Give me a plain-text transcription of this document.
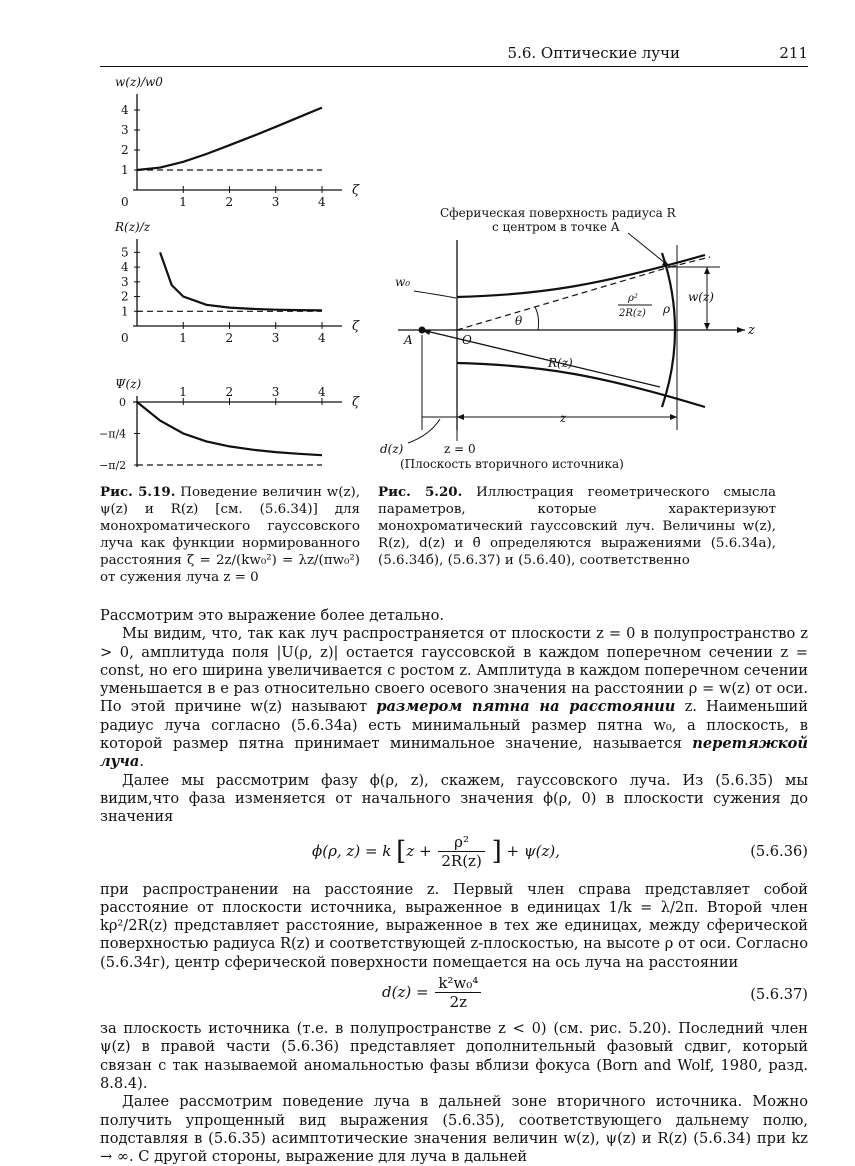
5.6. Оптические лучи	211
w(z)/w0
ζ
0	1	2	3	4
1
2
3
4
R(z)/z
ζ
0	1	2	3	4
1
2
3
4
5
Ψ(z)
ζ
1	2	3	4
0
−π/4
−π/2
Сферическая поверхность радиуса R
с центром в точке A
z
A	O
R(z)
θ
w₀
w(z)
ρ
ρ²
2R(z)
z
d(z)	z = 0
(Плоскость вторичного источника)
Рис. 5.19. Поведение величин w(z), ψ(z) и R(z) [см. (5.6.34)] для монохроматического гауссовского луча как функции нормированного расстояния ζ = 2z/(kw₀²) = λz/(πw₀²) от сужения луча z = 0
Рис. 5.20. Иллюстрация геометрического смысла параметров, которые характеризуют монохроматический гауссовский луч. Величины w(z), R(z), d(z) и θ̄ определяются выражениями (5.6.34а), (5.6.34б), (5.6.37) и (5.6.40), соответственно

Рассмотрим это выражение более детально.

Мы видим, что, так как луч распространяется от плоскости z = 0 в полупространство z > 0, амплитуда поля |U(ρ, z)| остается гауссовской в каждом поперечном сечении z = const, но его ширина увеличивается с ростом z. Амплитуда в каждом поперечном сечении уменьшается в e раз относительно своего осевого значения на расстоянии ρ = w(z) от оси. По этой причине w(z) называют размером пятна на расстоянии z. Наименьший радиус луча согласно (5.6.34а) есть минимальный размер пятна w₀, а плоскость, в которой размер пятна принимает минимальное значение, называется перетяжкой луча.

Далее мы рассмотрим фазу ϕ(ρ, z), скажем, гауссовского луча. Из (5.6.35) мы видим,что фаза изменяется от начального значения ϕ(ρ, 0) в плоскости сужения до значения

ϕ(ρ, z) = k [$z + \frac{\text{ρ²}}{2R(z)}$ ] + ψ(z),	(5.6.36)

при распространении на расстояние z. Первый член справа представляет собой расстояние от плоскости источника, выраженное в единицах 1/k = λ/2π. Второй член kρ²/2R(z) представляет расстояние, выраженное в тех же единицах, между сферической поверхностью радиуса R(z) и соответствующей z-плоскостью, на высоте ρ от оси. Согласно (5.6.34г), центр сферической поверхности помещается на ось луча на расстоянии

$d(z) = \frac{\text{k²w₀⁴}}{2z}$	(5.6.37)

за плоскость источника (т.е. в полупространстве z < 0) (см. рис. 5.20). Последний член ψ(z) в правой части (5.6.36) представляет дополнительный фазовый сдвиг, который связан с так называемой аномальностью фазы вблизи фокуса (Born and Wolf, 1980, разд. 8.8.4).

Далее рассмотрим поведение луча в дальней зоне вторичного источника. Можно получить упрощенный вид выражения (5.6.35), соответствующего дальнему полю, подставляя в (5.6.35) асимптотические значения величин w(z), ψ(z) и R(z) (5.6.34) при kz → ∞. С другой стороны, выражение для луча в дальней
